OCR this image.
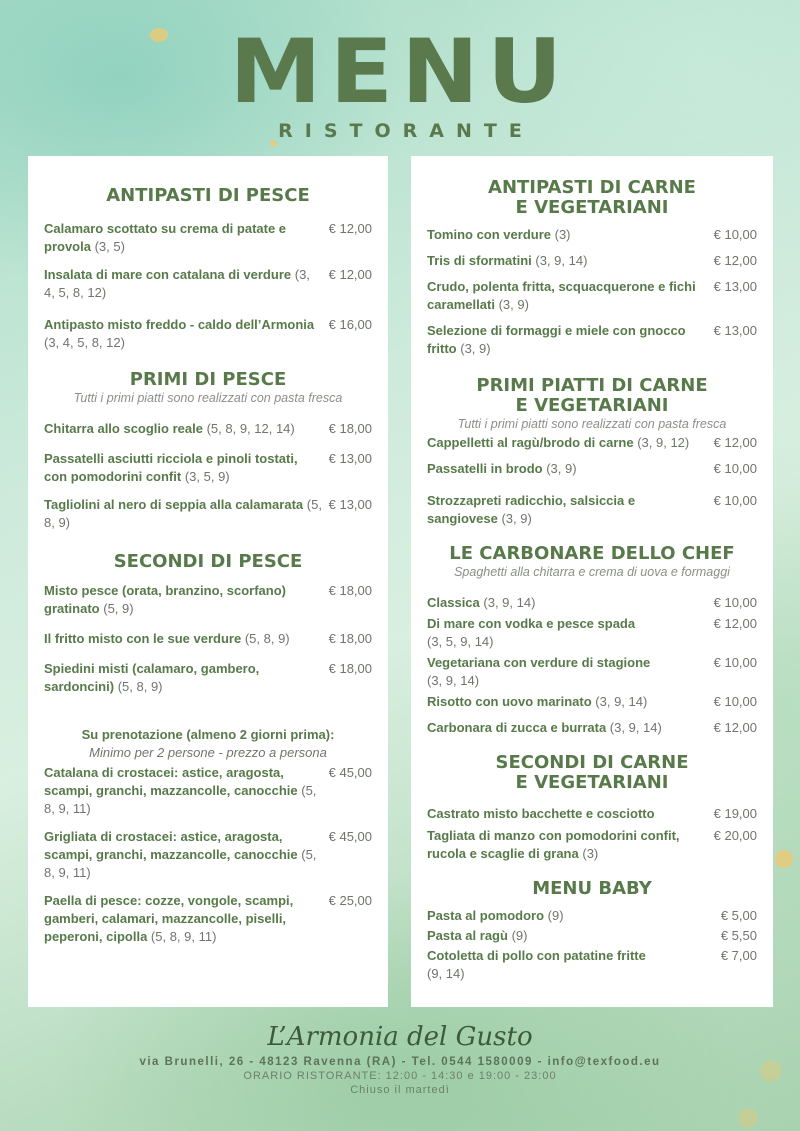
MENU
RISTORANTE
ANTIPASTI DI PESCE
Calamaro scottato su crema di patate e provola (3, 5)
€ 12,00
Insalata di mare con catalana di verdure (3, 4, 5, 8, 12)
€ 12,00
Antipasto misto freddo - caldo dell’Armonia (3, 4, 5, 8, 12)
€ 16,00
PRIMI DI PESCE
Tutti i primi piatti sono realizzati con pasta fresca
Chitarra allo scoglio reale (5, 8, 9, 12, 14)	€ 18,00
Passatelli asciutti ricciola e pinoli tostati, con pomodorini confit (3, 5, 9)
€ 13,00
Tagliolini al nero di seppia alla calamarata (5, 8, 9)
€ 13,00
SECONDI DI PESCE
Misto pesce (orata, branzino, scorfano) gratinato (5, 9)
€ 18,00
Il fritto misto con le sue verdure (5, 8, 9)	€ 18,00
Spiedini misti (calamaro, gambero, sardoncini) (5, 8, 9)
€ 18,00
Su prenotazione (almeno 2 giorni prima):
Minimo per 2 persone - prezzo a persona
Catalana di crostacei: astice, aragosta, scampi, granchi, mazzancolle, canocchie (5, 8, 9, 11)
€ 45,00
Grigliata di crostacei: astice, aragosta, scampi, granchi, mazzancolle, canocchie (5, 8, 9, 11)
€ 45,00
Paella di pesce: cozze, vongole, scampi, gamberi, calamari, mazzancolle, piselli, peperoni, cipolla (5, 8, 9, 11)
€ 25,00
ANTIPASTI DI CARNE
E VEGETARIANI
Tomino con verdure (3)	€ 10,00
Tris di sformatini (3, 9, 14)	€ 12,00
Crudo, polenta fritta, scquacquerone e fichi caramellati (3, 9)
€ 13,00
Selezione di formaggi e miele con gnocco fritto (3, 9)
€ 13,00
PRIMI PIATTI DI CARNE
E VEGETARIANI
Tutti i primi piatti sono realizzati con pasta fresca
Cappelletti al ragù/brodo di carne (3, 9, 12)	€ 12,00
Passatelli in brodo (3, 9)	€ 10,00
Strozzapreti radicchio, salsiccia e sangiovese (3, 9)
€ 10,00
LE CARBONARE DELLO CHEF
Spaghetti alla chitarra e crema di uova e formaggi
Classica (3, 9, 14)	€ 10,00
Di mare con vodka e pesce spada
(3, 5, 9, 14)
€ 12,00
Vegetariana con verdure di stagione
(3, 9, 14)
€ 10,00
Risotto con uovo marinato (3, 9, 14)	€ 10,00
Carbonara di zucca e burrata (3, 9, 14)	€ 12,00
SECONDI DI CARNE
E VEGETARIANI
Castrato misto bacchette e cosciotto	€ 19,00
Tagliata di manzo con pomodorini confit, rucola e scaglie di grana (3)
€ 20,00
MENU BABY
Pasta al pomodoro (9)	€ 5,00
Pasta al ragù (9)	€ 5,50
Cotoletta di pollo con patatine fritte
(9, 14)
€ 7,00
L’Armonia del Gusto
via Brunelli, 26 - 48123 Ravenna (RA) - Tel. 0544 1580009 - info@texfood.eu
ORARIO RISTORANTE: 12:00 - 14:30 e 19:00 - 23:00
Chiuso il martedì
